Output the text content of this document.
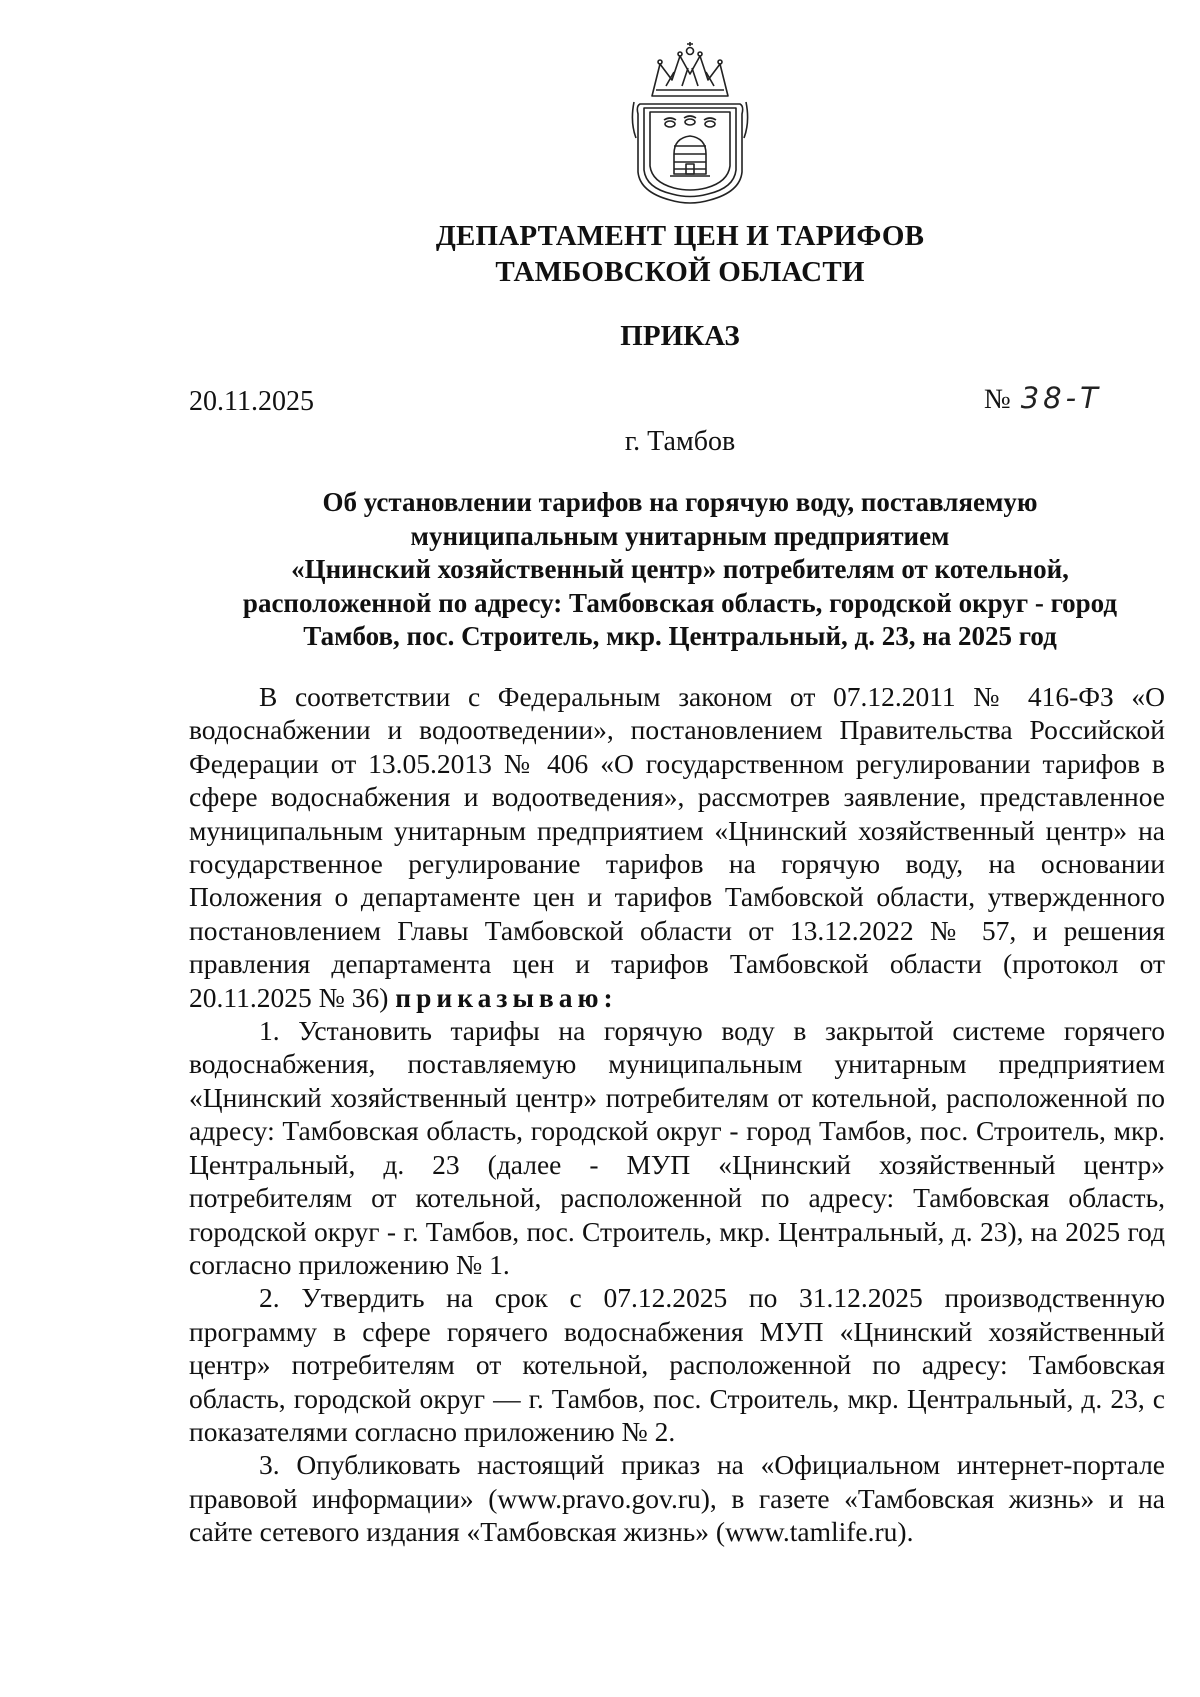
ДЕПАРТАМЕНТ ЦЕН И ТАРИФОВ
ТАМБОВСКОЙ ОБЛАСТИ
ПРИКАЗ
20.11.2025	№ 38-Т
г. Тамбов
Об установлении тарифов на горячую воду, поставляемую
муниципальным унитарным предприятием
«Цнинский хозяйственный центр» потребителям от котельной,
расположенной по адресу: Тамбовская область, городской округ - город
Тамбов, пос. Строитель, мкр. Центральный, д. 23, на 2025 год

В соответствии с Федеральным законом от 07.12.2011 № 416-ФЗ «О водоснабжении и водоотведении», постановлением Правительства Российской Федерации от 13.05.2013 № 406 «О государственном регулировании тарифов в сфере водоснабжения и водоотведения», рассмотрев заявление, представленное муниципальным унитарным предприятием «Цнинский хозяйственный центр» на государственное регулирование тарифов на горячую воду, на основании Положения о департаменте цен и тарифов Тамбовской области, утвержденного постановлением Главы Тамбовской области от 13.12.2022 № 57, и решения правления департамента цен и тарифов Тамбовской области (протокол от 20.11.2025 № 36) приказываю:

1. Установить тарифы на горячую воду в закрытой системе горячего водоснабжения, поставляемую муниципальным унитарным предприятием «Цнинский хозяйственный центр» потребителям от котельной, расположенной по адресу: Тамбовская область, городской округ - город Тамбов, пос. Строитель, мкр. Центральный, д. 23 (далее - МУП «Цнинский хозяйственный центр» потребителям от котельной, расположенной по адресу: Тамбовская область, городской округ - г. Тамбов, пос. Строитель, мкр. Центральный, д. 23), на 2025 год согласно приложению № 1.

2. Утвердить на срок с 07.12.2025 по 31.12.2025 производственную программу в сфере горячего водоснабжения МУП «Цнинский хозяйственный центр» потребителям от котельной, расположенной по адресу: Тамбовская область, городской округ — г. Тамбов, пос. Строитель, мкр. Центральный, д. 23, с показателями согласно приложению № 2.

3. Опубликовать настоящий приказ на «Официальном интернет-портале правовой информации» (www.pravo.gov.ru), в газете «Тамбовская жизнь» и на сайте сетевого издания «Тамбовская жизнь» (www.tamlife.ru).
